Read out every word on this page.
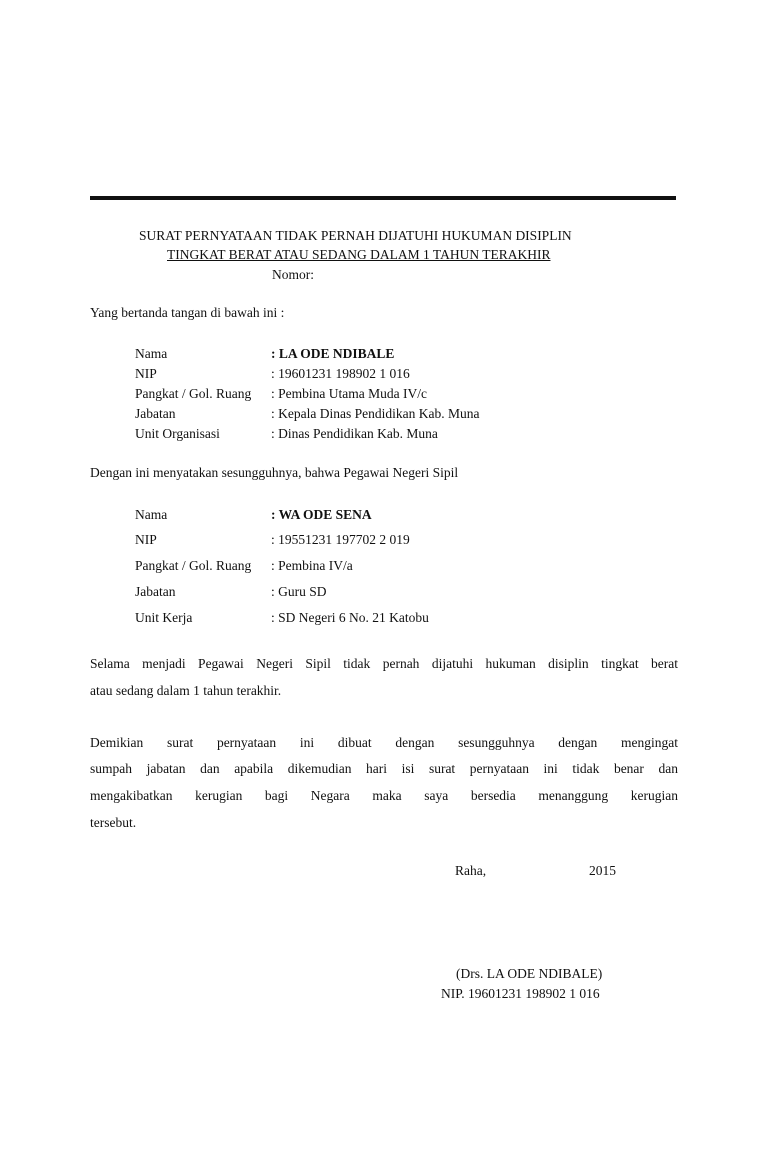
SURAT PERNYATAAN TIDAK PERNAH DIJATUHI HUKUMAN DISIPLIN
TINGKAT BERAT ATAU SEDANG DALAM 1 TAHUN TERAKHIR
Nomor:
Yang bertanda tangan di bawah ini :
Nama	: LA ODE NDIBALE
NIP	: 19601231 198902 1 016
Pangkat / Gol. Ruang : Pembina Utama Muda IV/c
Jabatan	: Kepala Dinas Pendidikan Kab. Muna
Unit Organisasi	: Dinas Pendidikan Kab. Muna
Dengan ini menyatakan sesungguhnya, bahwa Pegawai Negeri Sipil
Nama	: WA ODE SENA
NIP	: 19551231 197702 2 019
Pangkat / Gol. Ruang : Pembina IV/a
Jabatan	: Guru SD
Unit Kerja	: SD Negeri 6 No. 21 Katobu
Selama menjadi Pegawai Negeri Sipil tidak pernah dijatuhi hukuman disiplin tingkat berat
atau sedang dalam 1 tahun terakhir.
Demikian surat pernyataan ini dibuat dengan sesungguhnya dengan mengingat
sumpah jabatan dan apabila dikemudian hari isi surat pernyataan ini tidak benar dan
mengakibatkan kerugian bagi Negara maka saya bersedia menanggung kerugian
tersebut.
Raha,	2015
(Drs. LA ODE NDIBALE)
NIP. 19601231 198902 1 016
